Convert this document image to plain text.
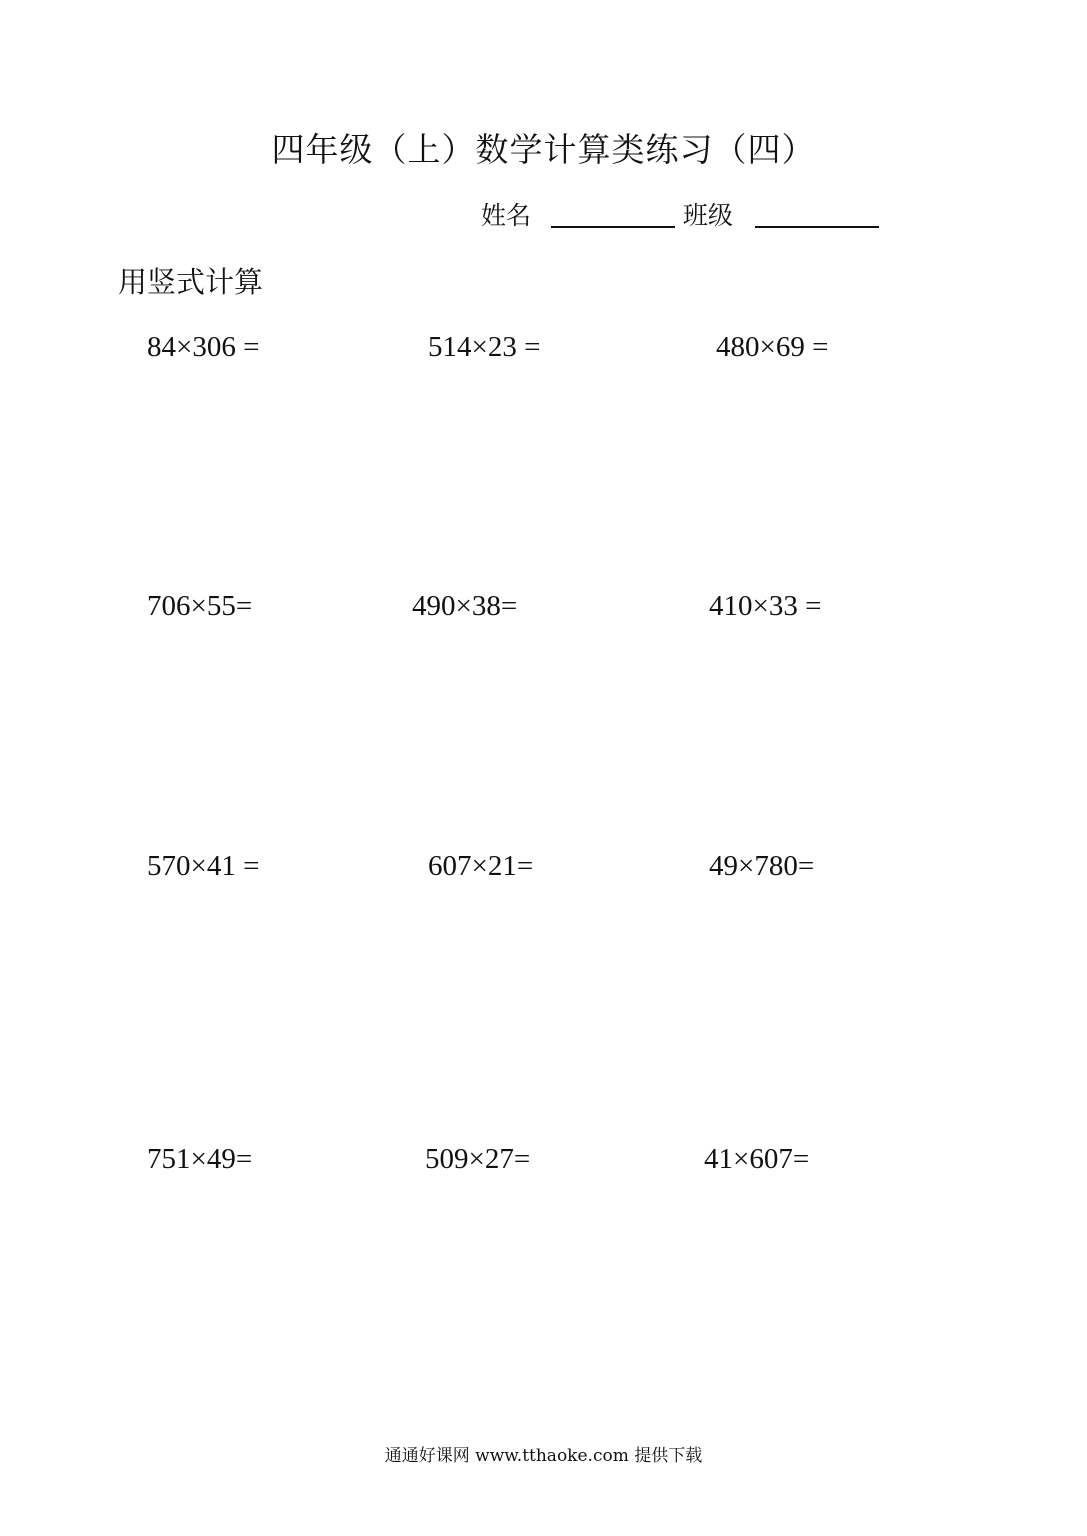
四年级（上）数学计算类练习（四）
姓名	班级
用竖式计算
84×306 =	514×23 =	480×69 =
706×55=	490×38=	410×33 =
570×41 =	607×21=	49×780=
751×49=	509×27=	41×607=
通通好课网 www.tthaoke.com 提供下载
